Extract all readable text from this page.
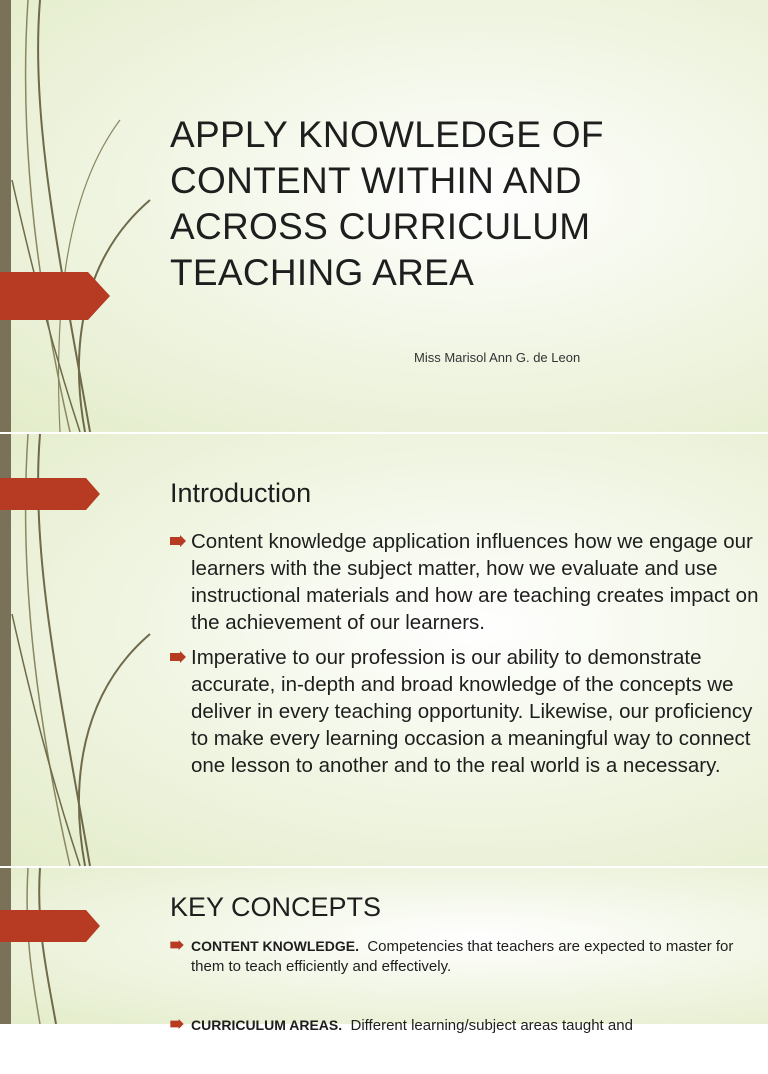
APPLY KNOWLEDGE OF CONTENT WITHIN AND ACROSS CURRICULUM TEACHING AREA
Miss Marisol Ann G. de Leon
Introduction
Content knowledge application influences how we engage our learners with the subject matter, how we evaluate and use instructional materials and how are teaching creates impact on the achievement of our learners.
Imperative to our profession is our ability to demonstrate accurate, in-depth and broad knowledge of the concepts we deliver in every teaching opportunity. Likewise, our proficiency to make every learning occasion a meaningful way to connect one lesson to another and to the real world is a necessary.
KEY CONCEPTS
CONTENT KNOWLEDGE. Competencies that teachers are expected to master for them to teach efficiently and effectively.
CURRICULUM AREAS. Different learning/subject areas taught and
